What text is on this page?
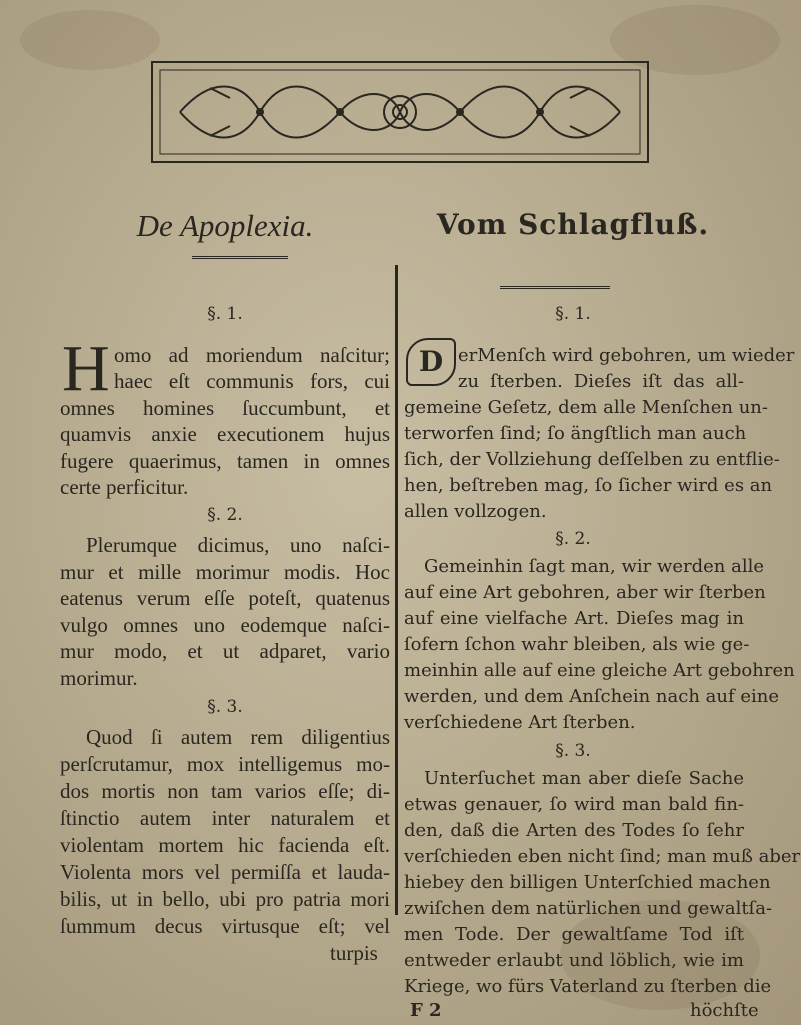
De Apoplexia.	Vom Schlagfluß.
§. 1.
H omo ad moriendum naſcitur;
haec eſt communis fors, cui
omnes homines ſuccumbunt, et
quamvis anxie executionem hujus
fugere quaerimus, tamen in omnes
certe perficitur.
§. 2.
Plerumque dicimus, uno naſci-
mur et mille morimur modis. Hoc
eatenus verum eſſe poteſt, quatenus
vulgo omnes uno eodemque naſci-
mur modo, et ut adparet, vario
morimur.
§. 3.
Quod ſi autem rem diligentius
perſcrutamur, mox intelligemus mo-
dos mortis non tam varios eſſe; di-
ſtinctio autem inter naturalem et
violentam mortem hic facienda eſt.
Violenta mors vel permiſſa et lauda-
bilis, ut in bello, ubi pro patria mori
ſummum decus virtusque eſt; vel
turpis
§. 1.
D erMenſch wird gebohren, um wieder
zu ſterben. Dieſes iſt das all-
gemeine Geſetz, dem alle Menſchen un-
terworfen ſind; ſo ängſtlich man auch
ſich, der Vollziehung deſſelben zu entflie-
hen, beſtreben mag, ſo ſicher wird es an
allen vollzogen.
§. 2.
Gemeinhin ſagt man, wir werden alle
auf eine Art gebohren, aber wir ſterben
auf eine vielfache Art. Dieſes mag in
ſofern ſchon wahr bleiben, als wie ge-
meinhin alle auf eine gleiche Art gebohren
werden, und dem Anſchein nach auf eine
verſchiedene Art ſterben.
§. 3.
Unterſuchet man aber dieſe Sache
etwas genauer, ſo wird man bald fin-
den, daß die Arten des Todes ſo ſehr
verſchieden eben nicht ſind; man muß aber
hiebey den billigen Unterſchied machen
zwiſchen dem natürlichen und gewaltſa-
men Tode. Der gewaltſame Tod iſt
entweder erlaubt und löblich, wie im
Kriege, wo fürs Vaterland zu ſterben die
F 2	höchſte
